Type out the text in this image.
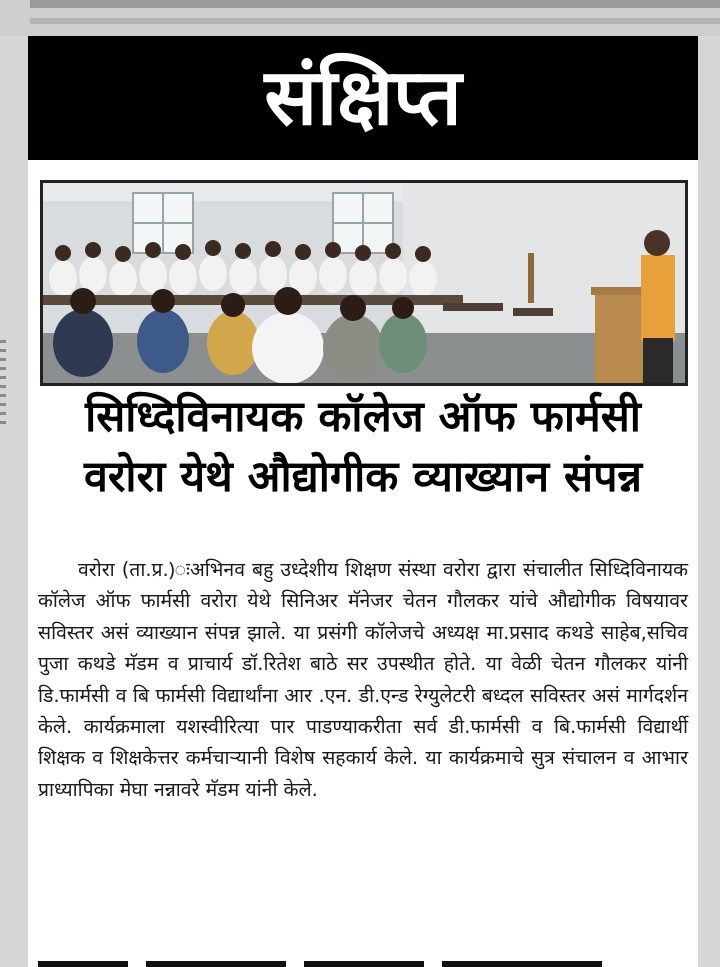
संक्षिप्त
सिध्दिविनायक कॉलेज ऑफ फार्मसी
वरोरा येथे औद्योगीक व्याख्यान संपन्न
वरोरा (ता.प्र.)ःअभिनव बहु उध्देशीय शिक्षण संस्था वरोरा द्वारा संचालीत सिध्दिविनायक कॉलेज ऑफ फार्मसी वरोरा येथे सिनिअर मॅनेजर चेतन गौलकर यांचे औद्योगीक विषयावर सविस्तर असं व्याख्यान संपन्न झाले. या प्रसंगी कॉलेजचे अध्यक्ष मा.प्रसाद कथडे साहेब,सचिव पुजा कथडे मॅडम व प्राचार्य डॉ.रितेश बाठे सर उपस्थीत होते. या वेळी चेतन गौलकर यांनी डि.फार्मसी व बि फार्मसी विद्यार्थांना आर .एन. डी.एन्ड रेग्युलेटरी बध्दल सविस्तर असं मार्गदर्शन केले. कार्यक्रमाला यशस्वीरित्या पार पाडण्याकरीता सर्व डी.फार्मसी व बि.फार्मसी विद्यार्थी शिक्षक व शिक्षकेत्तर कर्मचाऱ्यानी विशेष सहकार्य केले. या कार्यक्रमाचे सुत्र संचालन व आभार प्राध्यापिका मेघा नन्नावरे मॅडम यांनी केले.
